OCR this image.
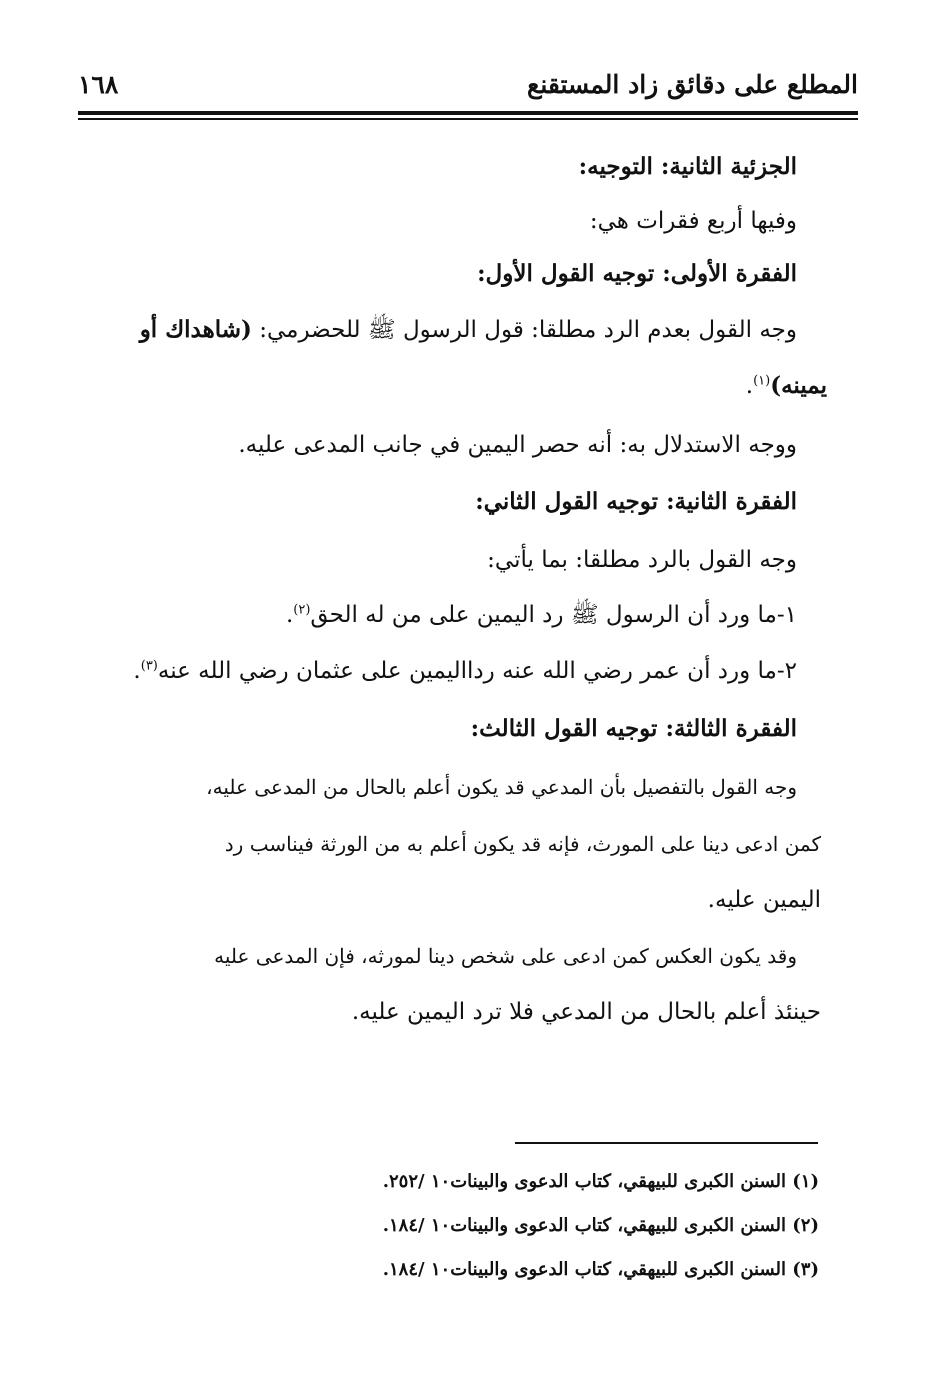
المطلع على دقائق زاد المستقنع
١٦٨
الجزئية الثانية: التوجيه:
وفيها أربع فقرات هي:
الفقرة الأولى: توجيه القول الأول:
وجه القول بعدم الرد مطلقا: قول الرسول ﷺ للحضرمي: (شاهداك أو
يمينه)$^{(١)}$.
ووجه الاستدلال به: أنه حصر اليمين في جانب المدعى عليه.
الفقرة الثانية: توجيه القول الثاني:
وجه القول بالرد مطلقا: بما يأتي:
١-ما ورد أن الرسول ﷺ رد اليمين على من له الحق$^{(٢)}$.
٢-ما ورد أن عمر رضي الله عنه ردااليمين على عثمان رضي الله عنه$^{(٣)}$.
الفقرة الثالثة: توجيه القول الثالث:
وجه القول بالتفصيل بأن المدعي قد يكون أعلم بالحال من المدعى عليه،
كمن ادعى دينا على المورث، فإنه قد يكون أعلم به من الورثة فيناسب رد
اليمين عليه.
وقد يكون العكس كمن ادعى على شخص دينا لمورثه، فإن المدعى عليه
حينئذ أعلم بالحال من المدعي فلا ترد اليمين عليه.
(١) السنن الكبرى للبيهقي، كتاب الدعوى والبينات١٠ /٢٥٢.
(٢) السنن الكبرى للبيهقي، كتاب الدعوى والبينات١٠ /١٨٤.
(٣) السنن الكبرى للبيهقي، كتاب الدعوى والبينات١٠ /١٨٤.
